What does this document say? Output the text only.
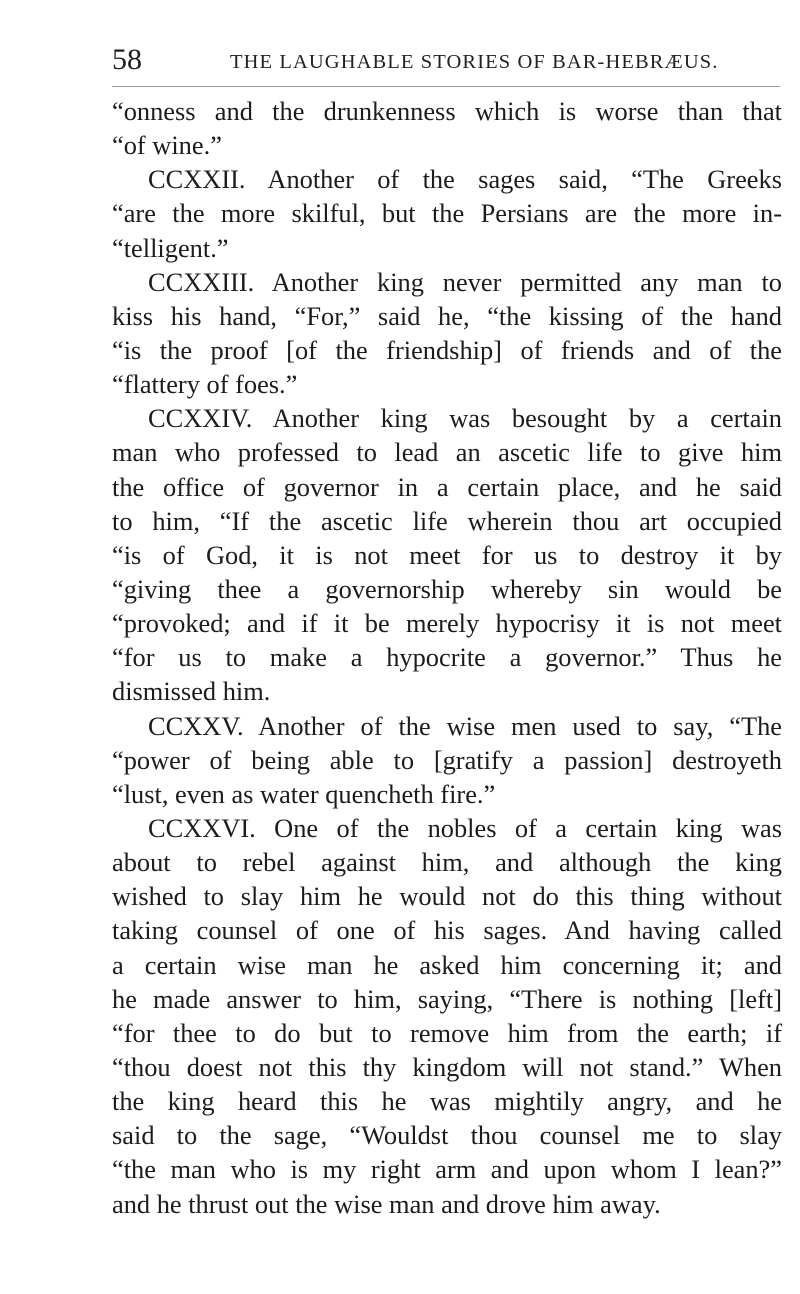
58	THE LAUGHABLE STORIES OF BAR-HEBRÆUS.
“onness and the drunkenness which is worse than that
“of wine.”
CCXXII. Another of the sages said, “The Greeks
“are the more skilful, but the Persians are the more in-
“telligent.”
CCXXIII. Another king never permitted any man to
kiss his hand, “For,” said he, “the kissing of the hand
“is the proof [of the friendship] of friends and of the
“flattery of foes.”
CCXXIV. Another king was besought by a certain
man who professed to lead an ascetic life to give him
the office of governor in a certain place, and he said
to him, “If the ascetic life wherein thou art occupied
“is of God, it is not meet for us to destroy it by
“giving thee a governorship whereby sin would be
“provoked; and if it be merely hypocrisy it is not meet
“for us to make a hypocrite a governor.” Thus he
dismissed him.
CCXXV. Another of the wise men used to say, “The
“power of being able to [gratify a passion] destroyeth
“lust, even as water quencheth fire.”
CCXXVI. One of the nobles of a certain king was
about to rebel against him, and although the king
wished to slay him he would not do this thing without
taking counsel of one of his sages. And having called
a certain wise man he asked him concerning it; and
he made answer to him, saying, “There is nothing [left]
“for thee to do but to remove him from the earth; if
“thou doest not this thy kingdom will not stand.” When
the king heard this he was mightily angry, and he
said to the sage, “Wouldst thou counsel me to slay
“the man who is my right arm and upon whom I lean?”
and he thrust out the wise man and drove him away.
